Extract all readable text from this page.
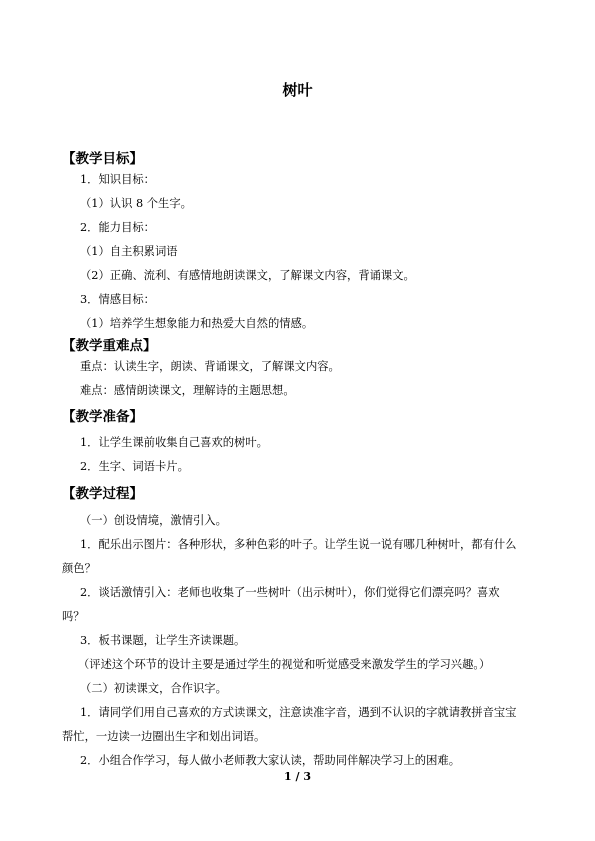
树叶
【教学目标】
1．知识目标：
（1）认识 8 个生字。
2．能力目标：
（1）自主积累词语
（2）正确、流利、有感情地朗读课文，了解课文内容，背诵课文。
3．情感目标：
（1）培养学生想象能力和热爱大自然的情感。
【教学重难点】
重点：认读生字，朗读、背诵课文，了解课文内容。
难点：感情朗读课文，理解诗的主题思想。
【教学准备】
1．让学生课前收集自己喜欢的树叶。
2．生字、词语卡片。
【教学过程】
（一）创设情境，激情引入。
1．配乐出示图片：各种形状，多种色彩的叶子。让学生说一说有哪几种树叶，都有什么
颜色？
2．谈话激情引入：老师也收集了一些树叶（出示树叶），你们觉得它们漂亮吗？喜欢
吗？
3．板书课题，让学生齐读课题。
（评述这个环节的设计主要是通过学生的视觉和听觉感受来激发学生的学习兴趣。）
（二）初读课文，合作识字。
1．请同学们用自己喜欢的方式读课文，注意读准字音，遇到不认识的字就请教拼音宝宝
帮忙，一边读一边圈出生字和划出词语。
2．小组合作学习，每人做小老师教大家认读，帮助同伴解决学习上的困难。
1 / 3
